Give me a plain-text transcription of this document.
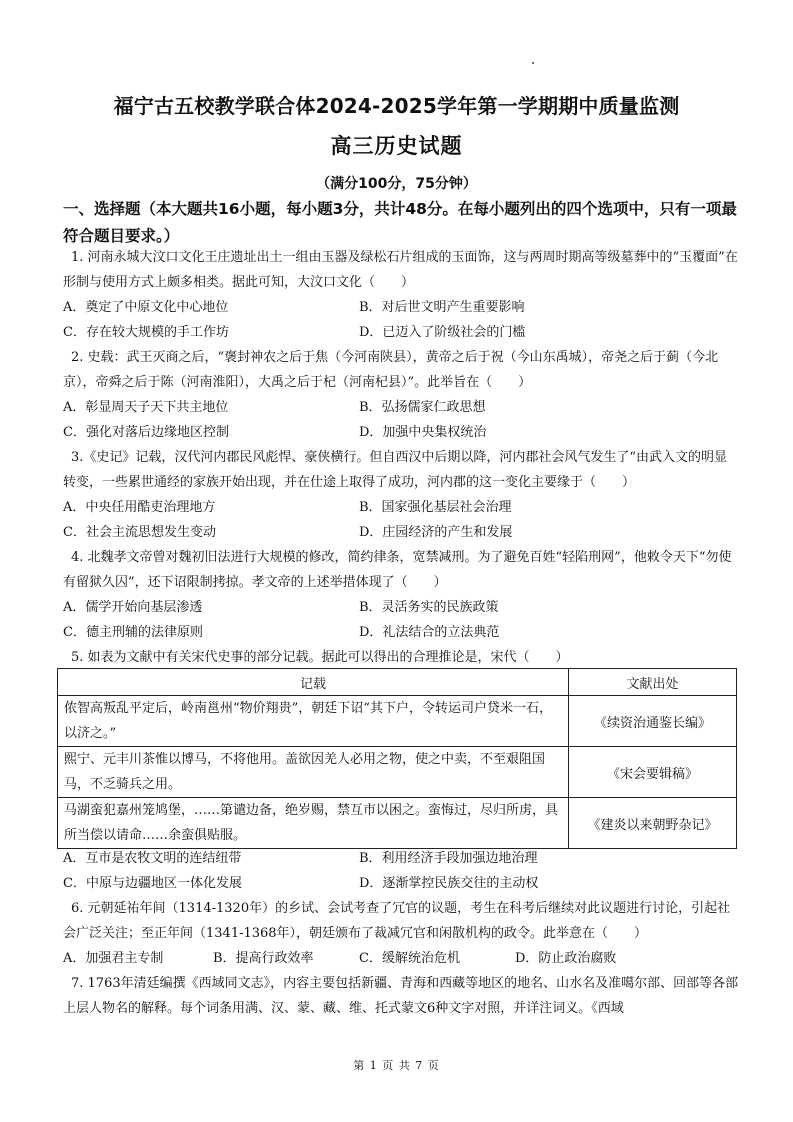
福宁古五校教学联合体2024-2025学年第一学期期中质量监测
高三历史试题
（满分100分，75分钟）
一、选择题（本大题共16小题，每小题3分，共计48分。在每小题列出的四个选项中，只有一项最符合题目要求。）
1. 河南永城大汶口文化王庄遗址出土一组由玉器及绿松石片组成的玉面饰，这与两周时期高等级墓葬中的“玉覆面”在形制与使用方式上颇多相类。据此可知，大汶口文化（　　）
A．奠定了中原文化中心地位	B．对后世文明产生重要影响
C．存在较大规模的手工作坊	D．已迈入了阶级社会的门槛
2. 史载：武王灭商之后，“褒封神农之后于焦（今河南陕县），黄帝之后于祝（今山东禹城），帝尧之后于蓟（今北京），帝舜之后于陈（河南淮阳），大禹之后于杞（河南杞县）”。此举旨在（　　）
A．彰显周天子天下共主地位	B．弘扬儒家仁政思想
C．强化对落后边缘地区控制	D．加强中央集权统治
3.《史记》记载，汉代河内郡民风彪悍、豪侠横行。但自西汉中后期以降，河内郡社会风气发生了“由武入文的明显转变，一些累世通经的家族开始出现，并在仕途上取得了成功，河内郡的这一变化主要缘于（　　）
A．中央任用酷吏治理地方	B．国家强化基层社会治理
C．社会主流思想发生变动	D．庄园经济的产生和发展
4. 北魏孝文帝曾对魏初旧法进行大规模的修改，简约律条，宽禁减刑。为了避免百姓“轻陷刑网”，他敕令天下“勿使有留狱久囚”，还下诏限制拷掠。孝文帝的上述举措体现了（　　）
A．儒学开始向基层渗透	B．灵活务实的民族政策
C．德主刑辅的法律原则	D．礼法结合的立法典范
5. 如表为文献中有关宋代史事的部分记载。据此可以得出的合理推论是，宋代（　　）
记载	文献出处
侬智高叛乱平定后，岭南邕州“物价翔贵”，朝廷下诏“其下户，令转运司户贷米一石，以济之。”	《续资治通鉴长编》
熙宁、元丰川茶惟以博马，不将他用。盖欲因羌人必用之物，使之中卖，不至艰阻国马，不乏骑兵之用。	《宋会要辑稿》
马湖蛮犯嘉州笼鸠堡，……第谴边备，绝岁赐，禁互市以困之。蛮悔过，尽归所虏，具所当偿以请命……余蛮俱贴服。	《建炎以来朝野杂记》
A．互市是农牧文明的连结纽带	B．利用经济手段加强边地治理
C．中原与边疆地区一体化发展	D．逐渐掌控民族交往的主动权
6. 元朝延祐年间（1314-1320年）的乡试、会试考查了冗官的议题，考生在科考后继续对此议题进行讨论，引起社会广泛关注；至正年间（1341-1368年），朝廷颁布了裁减冗官和闲散机构的政令。此举意在（　　）
A．加强君主专制	B．提高行政效率	C．缓解统治危机	D．防止政治腐败
7. 1763年清廷编撰《西域同文志》，内容主要包括新疆、青海和西藏等地区的地名、山水名及准噶尔部、回部等各部上层人物名的解释。每个词条用满、汉、蒙、藏、维、托式蒙文6种文字对照，并详注词义。《西域
第 1 页 共 7 页
